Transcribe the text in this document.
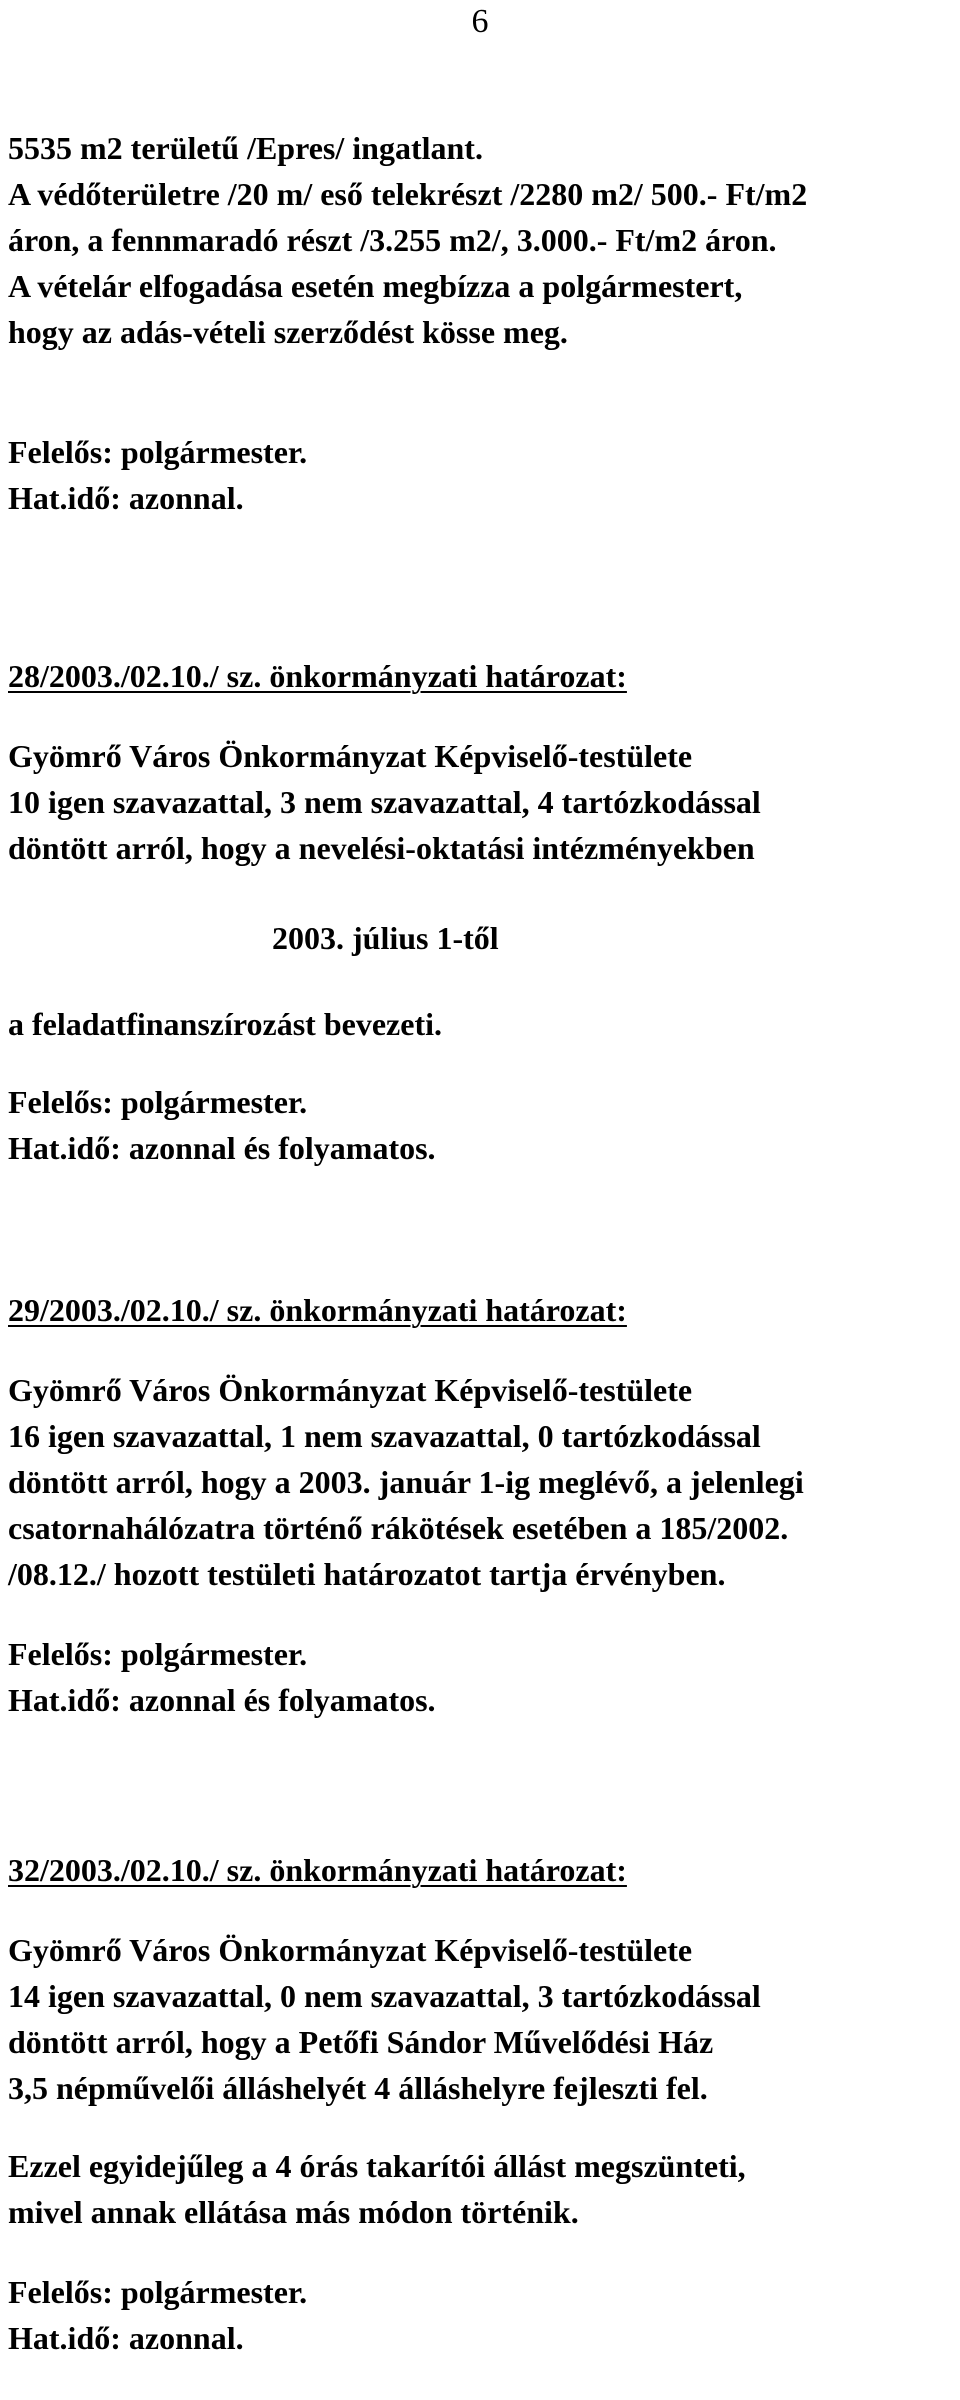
6
5535 m2 területű /Epres/ ingatlant.
A védőterületre /20 m/ eső telekrészt /2280 m2/ 500.- Ft/m2
áron, a fennmaradó részt /3.255 m2/, 3.000.- Ft/m2 áron.
A vételár elfogadása esetén megbízza a polgármestert,
hogy az adás-vételi szerződést kösse meg.
Felelős: polgármester.
Hat.idő: azonnal.
28/2003./02.10./ sz. önkormányzati határozat:
Gyömrő Város Önkormányzat Képviselő-testülete
10 igen szavazattal, 3 nem szavazattal, 4 tartózkodással
döntött arról, hogy a nevelési-oktatási intézményekben
2003. július 1-től
a feladatfinanszírozást bevezeti.
Felelős: polgármester.
Hat.idő: azonnal és folyamatos.
29/2003./02.10./ sz. önkormányzati határozat:
Gyömrő Város Önkormányzat Képviselő-testülete
16 igen szavazattal, 1 nem szavazattal, 0 tartózkodással
döntött arról, hogy a 2003. január 1-ig meglévő, a jelenlegi
csatornahálózatra történő rákötések esetében a 185/2002.
/08.12./ hozott testületi határozatot tartja érvényben.
Felelős: polgármester.
Hat.idő: azonnal és folyamatos.
32/2003./02.10./ sz. önkormányzati határozat:
Gyömrő Város Önkormányzat Képviselő-testülete
14 igen szavazattal, 0 nem szavazattal, 3 tartózkodással
döntött arról, hogy a Petőfi Sándor Művelődési Ház
3,5 népművelői álláshelyét 4 álláshelyre fejleszti fel.
Ezzel egyidejűleg a 4 órás takarítói állást megszünteti,
mivel annak ellátása más módon történik.
Felelős: polgármester.
Hat.idő: azonnal.
